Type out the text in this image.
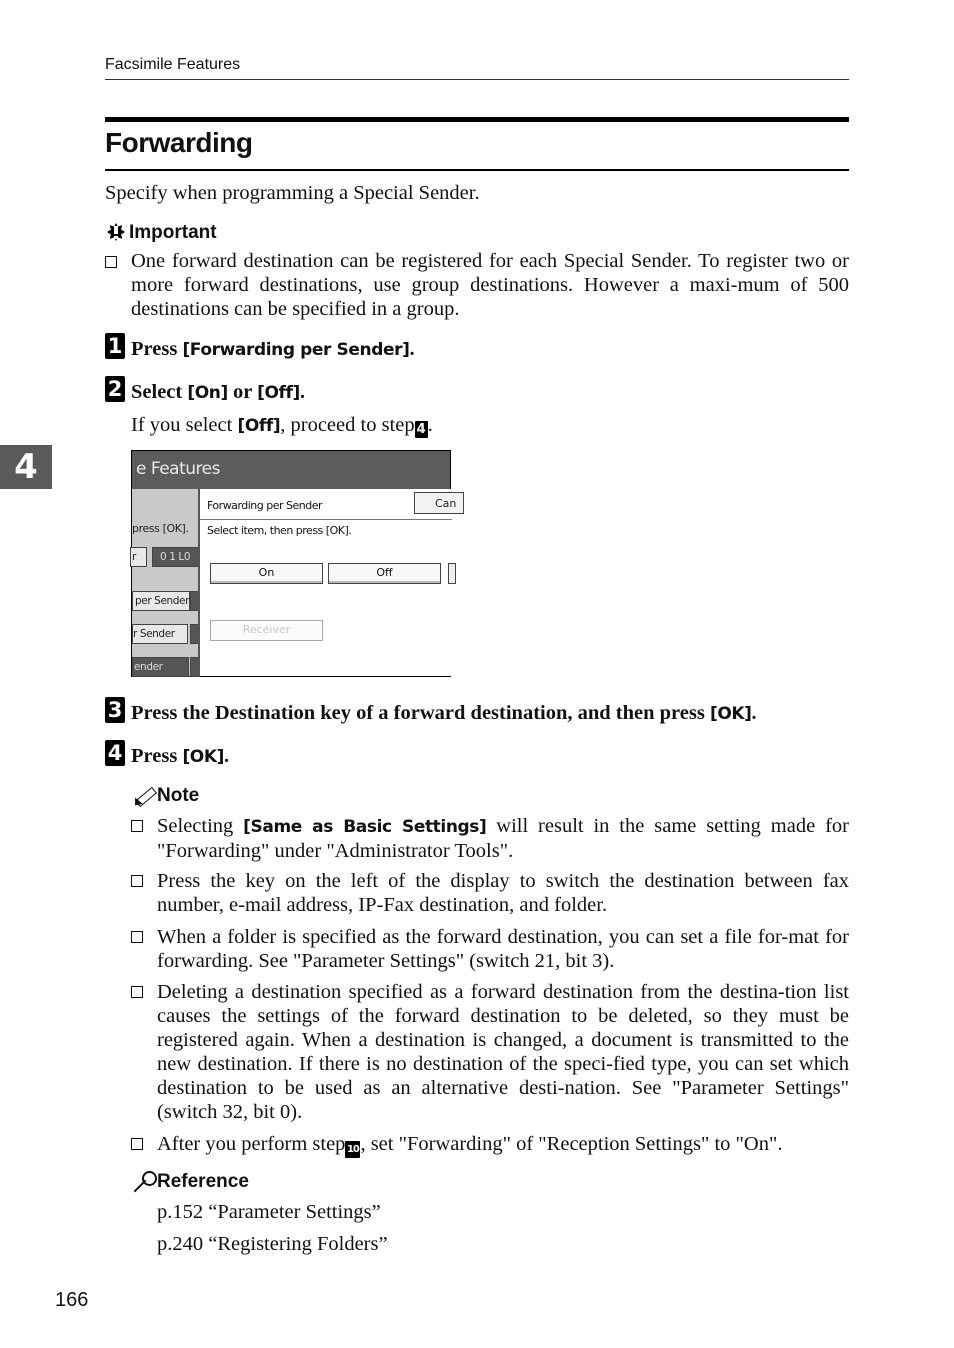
Facsimile Features
Forwarding
Specify when programming a Special Sender.
Important
One forward destination can be registered for each Special Sender. To register two or more forward destinations, use group destinations. However a maxi-mum of 500 destinations can be specified in a group.
1 Press [Forwarding per Sender].
2 Select [On] or [Off].
If you select [Off], proceed to step 4.
e Features
press [OK].
r	0 1 L0
per Sender
r Sender
ender
Forwarding per Sender	Can
Select item, then press [OK].
On	Off
Receiver
3 Press the Destination key of a forward destination, and then press [OK].
4 Press [OK].
Note
Selecting [Same as Basic Settings] will result in the same setting made for "Forwarding" under "Administrator Tools".
Press the key on the left of the display to switch the destination between fax number, e-mail address, IP-Fax destination, and folder.
When a folder is specified as the forward destination, you can set a file for-mat for forwarding. See "Parameter Settings" (switch 21, bit 3).
Deleting a destination specified as a forward destination from the destina-tion list causes the settings of the forward destination to be deleted, so they must be registered again. When a destination is changed, a document is transmitted to the new destination. If there is no destination of the speci-fied type, you can set which destination to be used as an alternative desti-nation. See "Parameter Settings" (switch 32, bit 0).
After you perform step 10, set "Forwarding" of "Reception Settings" to "On".
Reference
p.152 “Parameter Settings”
p.240 “Registering Folders”
4
166
